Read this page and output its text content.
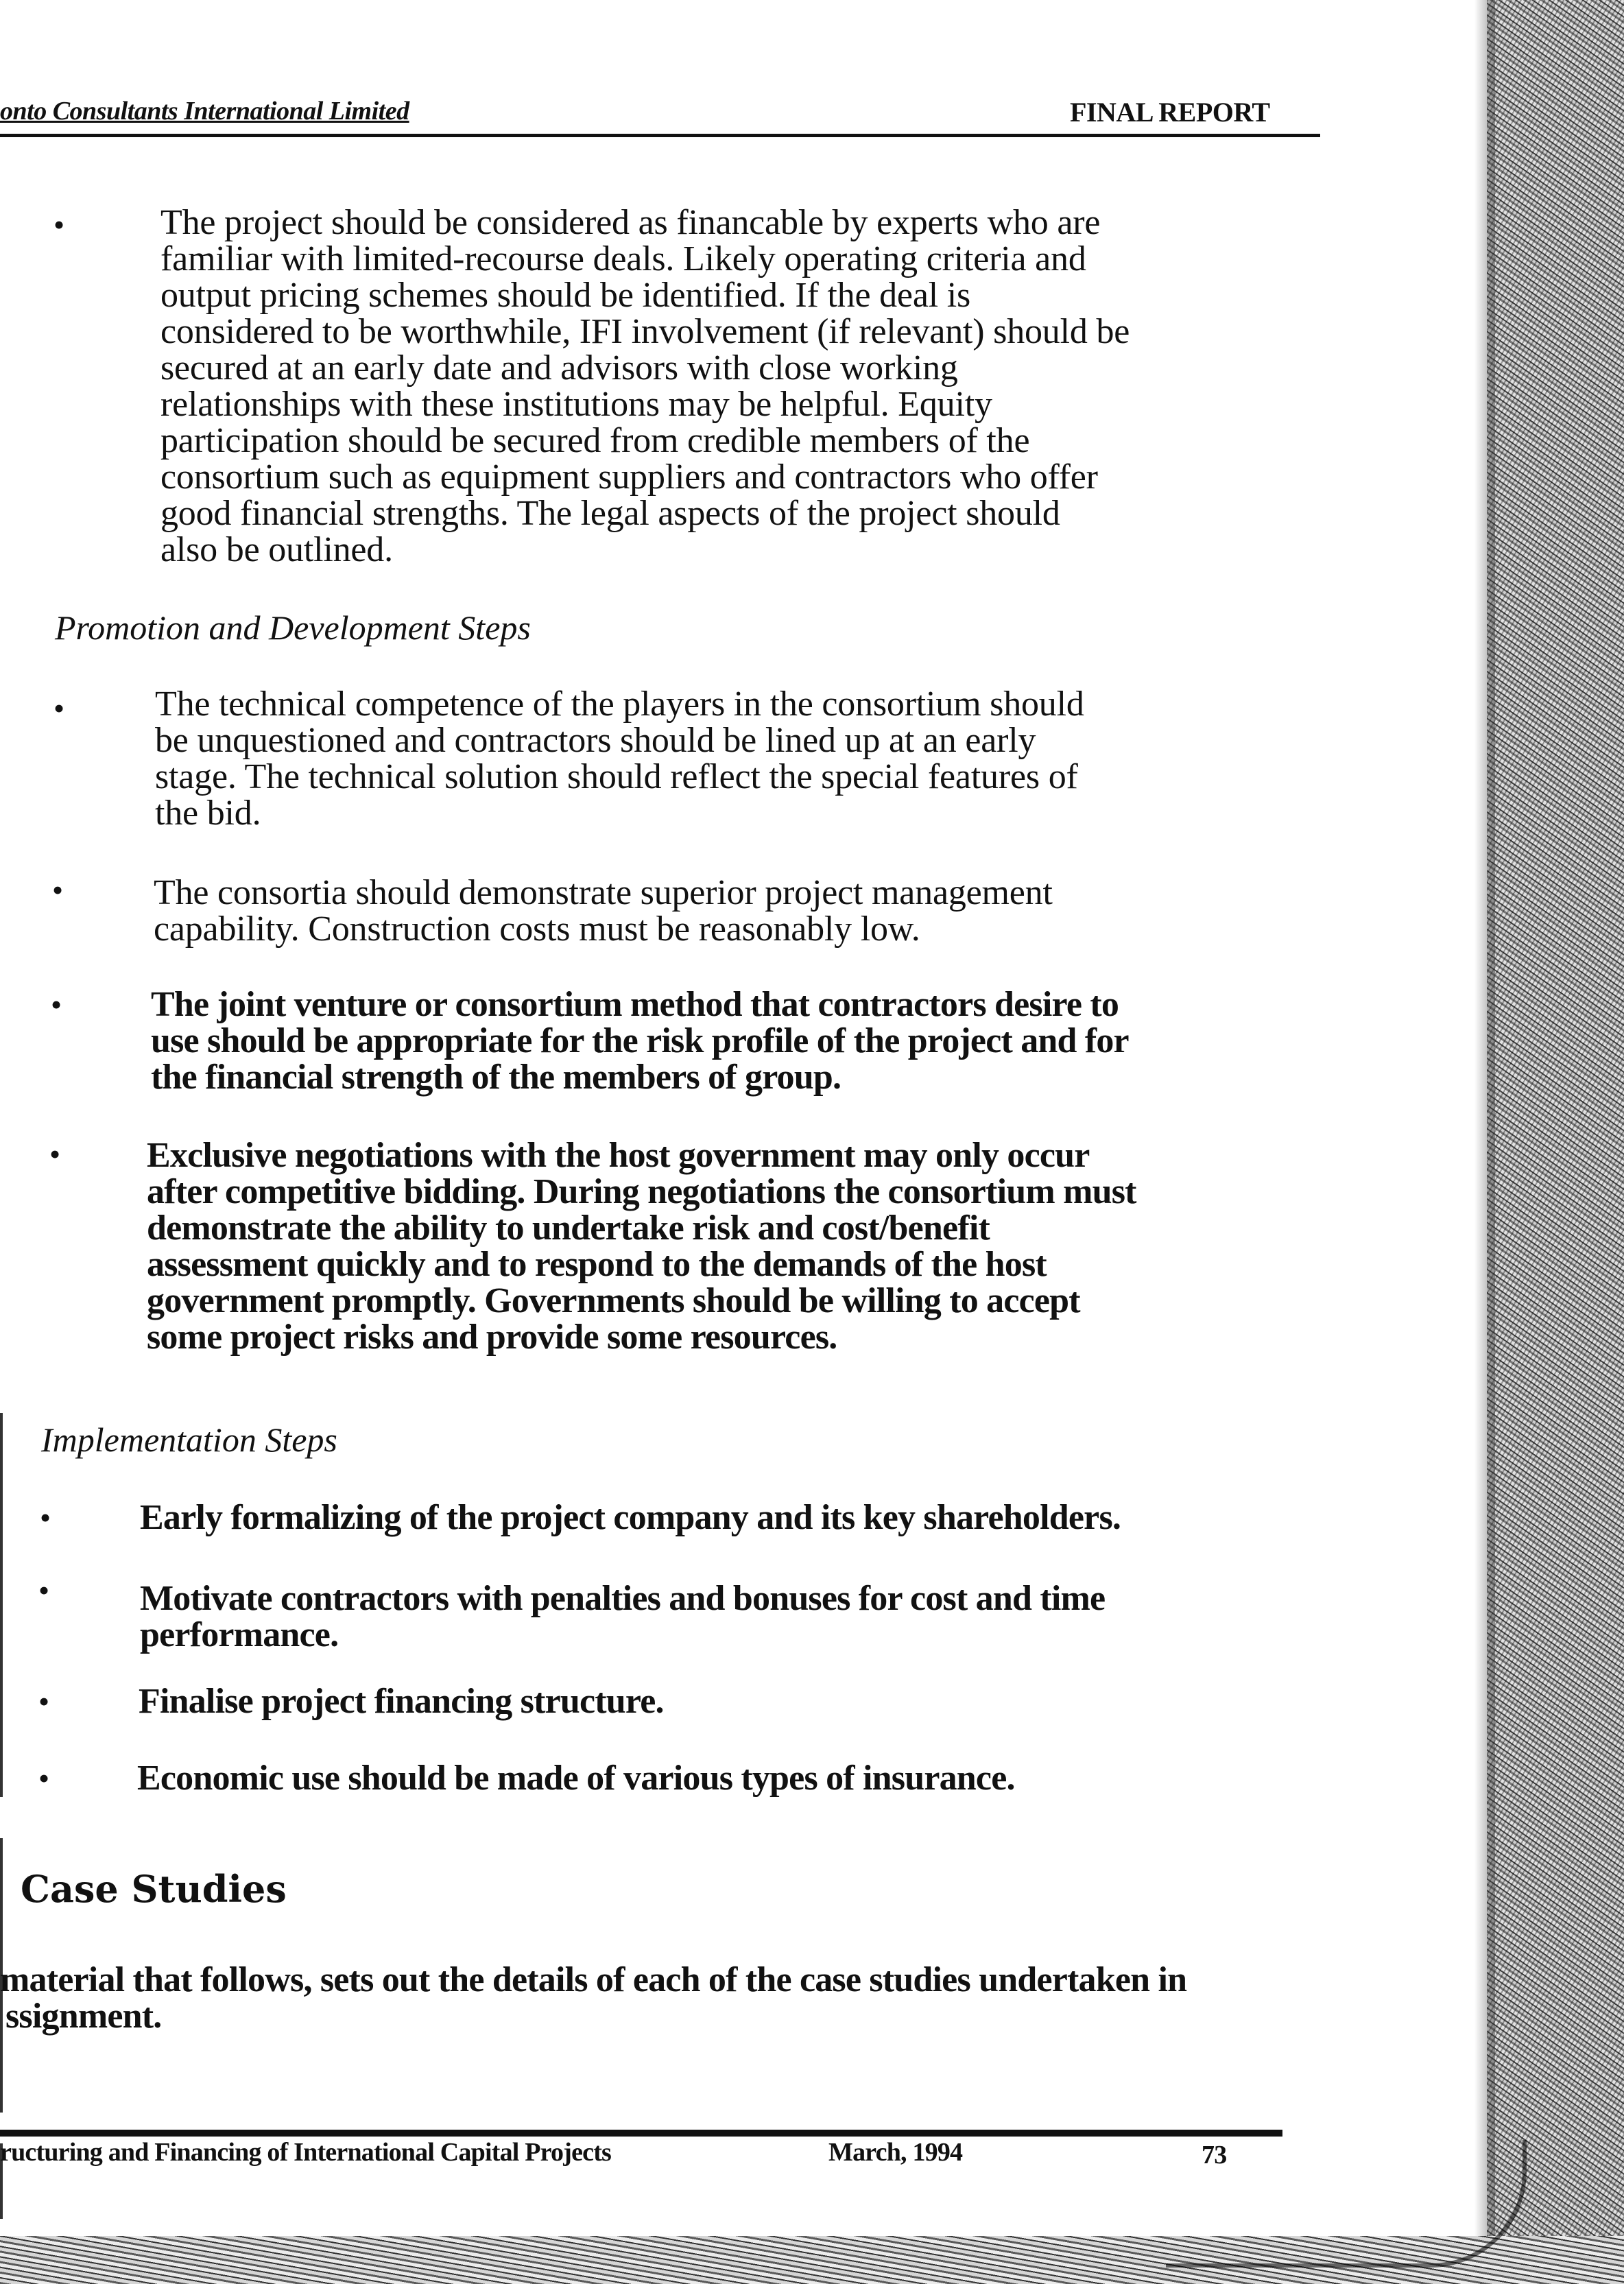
onto Consultants International Limited	FINAL REPORT
•	The project should be considered as financable by experts who are
familiar with limited-recourse deals. Likely operating criteria and
output pricing schemes should be identified. If the deal is
considered to be worthwhile, IFI involvement (if relevant) should be
secured at an early date and advisors with close working
relationships with these institutions may be helpful. Equity
participation should be secured from credible members of the
consortium such as equipment suppliers and contractors who offer
good financial strengths. The legal aspects of the project should
also be outlined.
Promotion and Development Steps
•	The technical competence of the players in the consortium should
be unquestioned and contractors should be lined up at an early
stage. The technical solution should reflect the special features of
the bid.
•	The consortia should demonstrate superior project management
capability. Construction costs must be reasonably low.
• The joint venture or consortium method that contractors desire to
use should be appropriate for the risk profile of the project and for
the financial strength of the members of group.
• Exclusive negotiations with the host government may only occur
after competitive bidding. During negotiations the consortium must
demonstrate the ability to undertake risk and cost/benefit
assessment quickly and to respond to the demands of the host
government promptly. Governments should be willing to accept
some project risks and provide some resources.
Implementation Steps
• Early formalizing of the project company and its key shareholders.
•	Motivate contractors with penalties and bonuses for cost and time
performance.
• Finalise project financing structure.
• Economic use should be made of various types of insurance.
Case Studies
material that follows, sets out the details of each of the case studies undertaken in
ssignment.
ructuring and Financing of International Capital Projects	March, 1994	73
